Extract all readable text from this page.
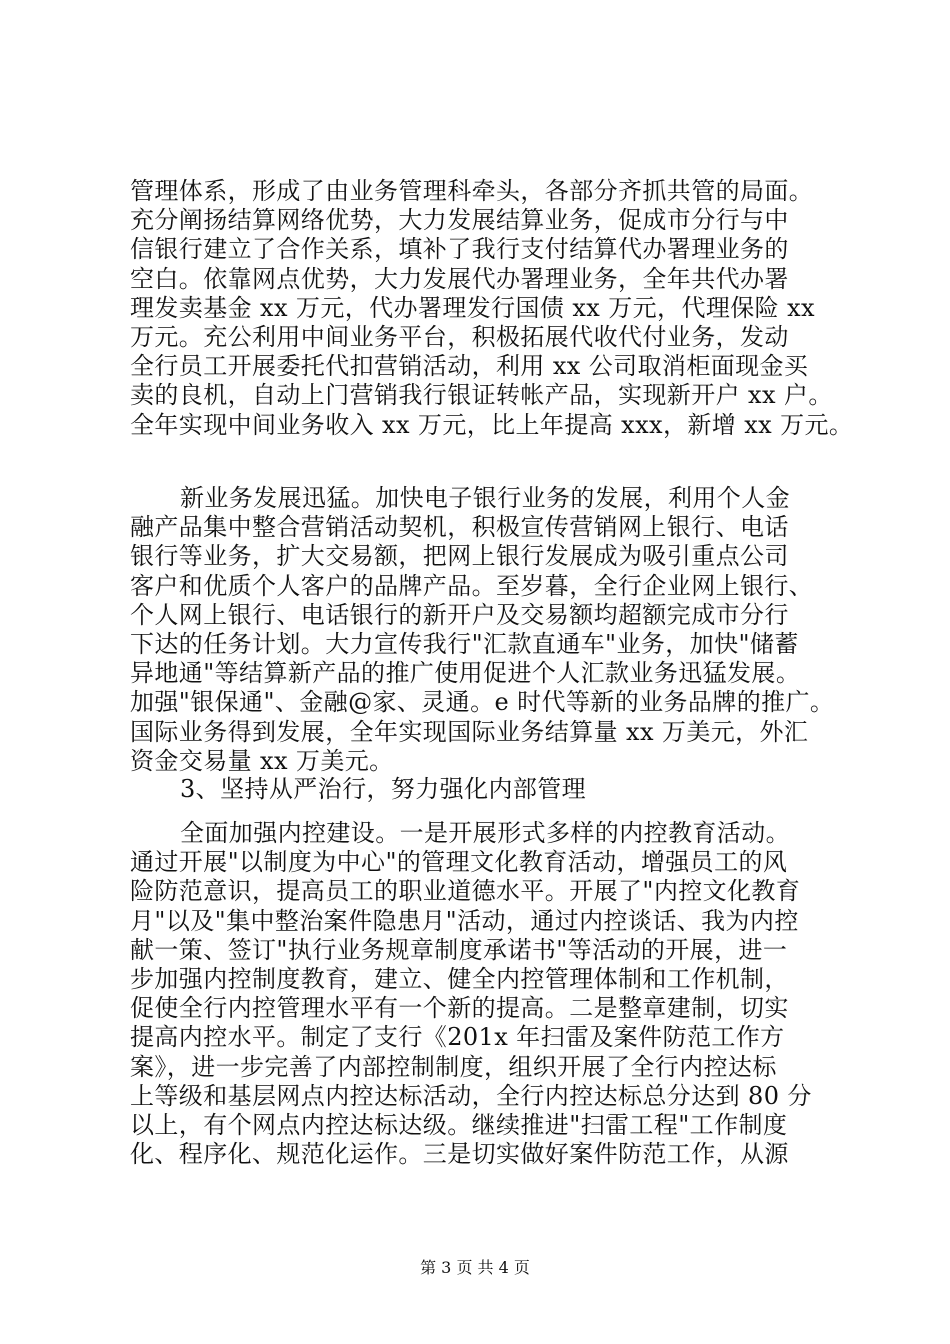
管理体系，形成了由业务管理科牵头，各部分齐抓共管的局面。
充分阐扬结算网络优势，大力发展结算业务，促成市分行与中
信银行建立了合作关系，填补了我行支付结算代办署理业务的
空白。依靠网点优势，大力发展代办署理业务，全年共代办署
理发卖基金 xx 万元，代办署理发行国债 xx 万元，代理保险 xx
万元。充公利用中间业务平台，积极拓展代收代付业务，发动
全行员工开展委托代扣营销活动，利用 xx 公司取消柜面现金买
卖的良机，自动上门营销我行银证转帐产品，实现新开户 xx 户。
全年实现中间业务收入 xx 万元，比上年提高 xxx，新增 xx 万元。
新业务发展迅猛。加快电子银行业务的发展，利用个人金
融产品集中整合营销活动契机，积极宣传营销网上银行、电话
银行等业务，扩大交易额，把网上银行发展成为吸引重点公司
客户和优质个人客户的品牌产品。至岁暮，全行企业网上银行、
个人网上银行、电话银行的新开户及交易额均超额完成市分行
下达的任务计划。大力宣传我行"汇款直通车"业务，加快"储蓄
异地通"等结算新产品的推广使用促进个人汇款业务迅猛发展。
加强"银保通"、金融@家、灵通。e 时代等新的业务品牌的推广。
国际业务得到发展，全年实现国际业务结算量 xx 万美元，外汇
资金交易量 xx 万美元。
3、坚持从严治行，努力强化内部管理
全面加强内控建设。一是开展形式多样的内控教育活动。
通过开展"以制度为中心"的管理文化教育活动，增强员工的风
险防范意识，提高员工的职业道德水平。开展了"内控文化教育
月"以及"集中整治案件隐患月"活动，通过内控谈话、我为内控
献一策、签订"执行业务规章制度承诺书"等活动的开展，进一
步加强内控制度教育，建立、健全内控管理体制和工作机制，
促使全行内控管理水平有一个新的提高。二是整章建制，切实
提高内控水平。制定了支行《201x 年扫雷及案件防范工作方
案》，进一步完善了内部控制制度，组织开展了全行内控达标
上等级和基层网点内控达标活动，全行内控达标总分达到 80 分
以上，有个网点内控达标达级。继续推进"扫雷工程"工作制度
化、程序化、规范化运作。三是切实做好案件防范工作，从源
第 3 页 共 4 页
